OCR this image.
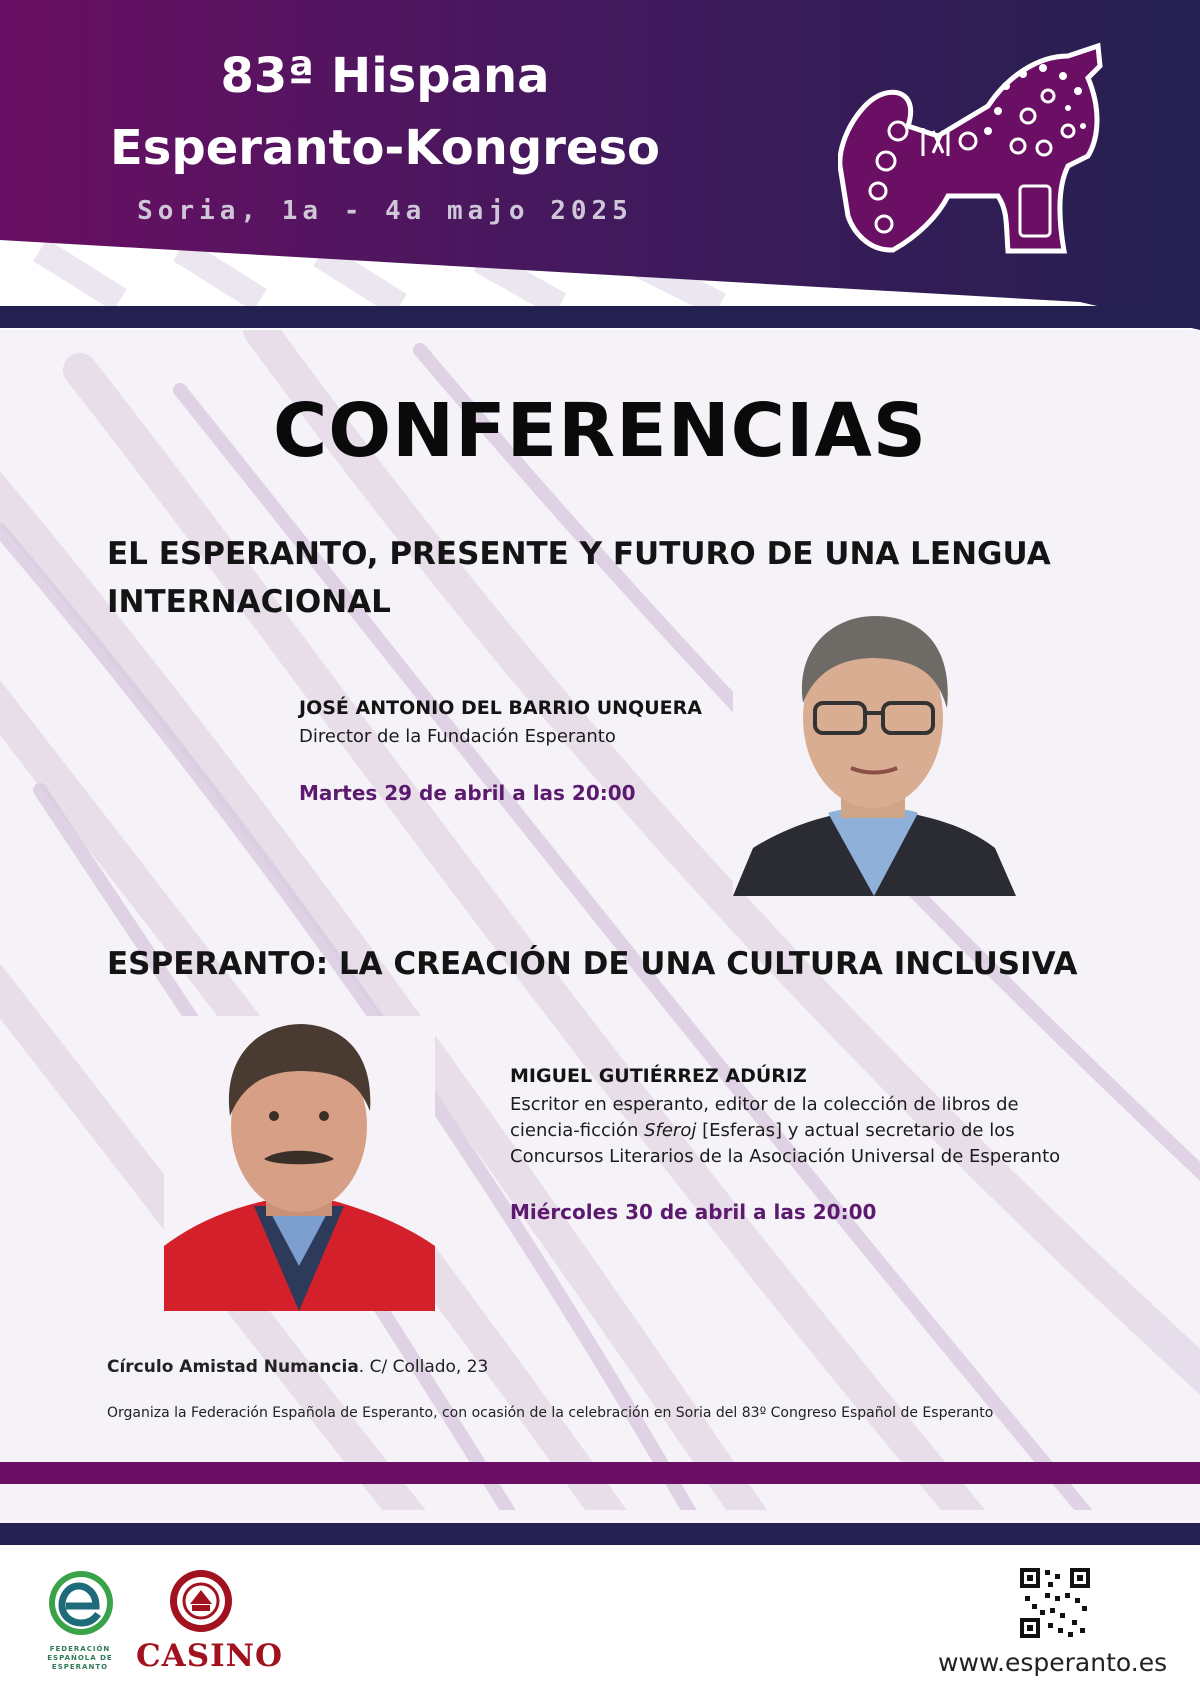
83ª Hispana
Esperanto-Kongreso
Soria, 1a - 4a majo 2025
CONFERENCIAS
EL ESPERANTO, PRESENTE Y FUTURO DE UNA LENGUA INTERNACIONAL
JOSÉ ANTONIO DEL BARRIO UNQUERA
Director de la Fundación Esperanto
Martes 29 de abril a las 20:00
ESPERANTO: LA CREACIÓN DE UNA CULTURA INCLUSIVA
MIGUEL GUTIÉRREZ ADÚRIZ
Escritor en esperanto, editor de la colección de libros de
ciencia-ficción Sferoj [Esferas] y actual secretario de los
Concursos Literarios de la Asociación Universal de Esperanto
Miércoles 30 de abril a las 20:00
Círculo Amistad Numancia. C/ Collado, 23
Organiza la Federación Española de Esperanto, con ocasión de la celebración en Soria del 83º Congreso Español de Esperanto
FEDERACIÓN ESPAÑOLA DE ESPERANTO CASINO	www.esperanto.es
